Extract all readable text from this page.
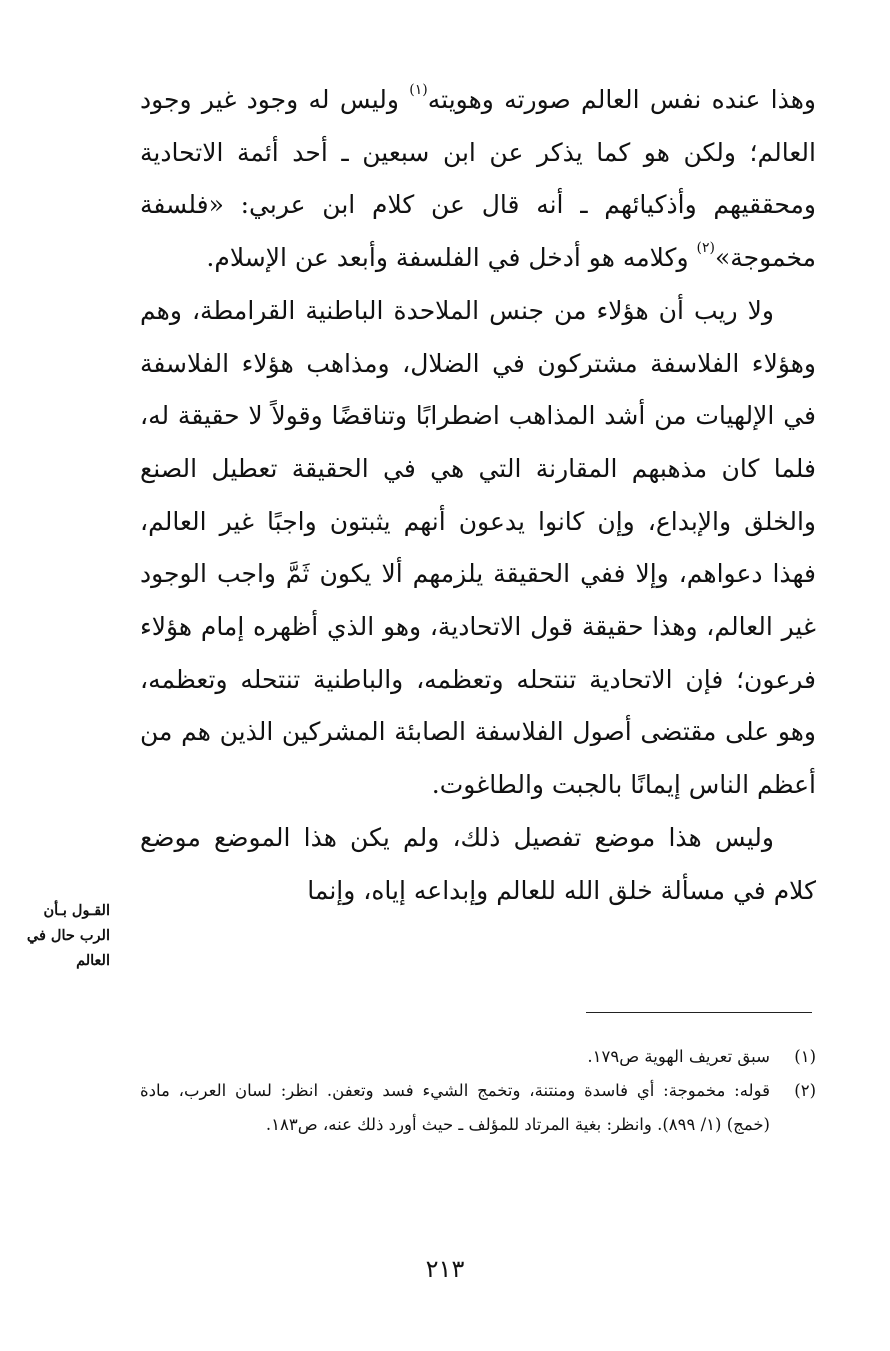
وهذا عنده نفس العالم صورته وهويته$^{(١)}$ وليس له وجود غير وجود العالم؛ ولكن هو كما يذكر عن ابن سبعين ـ أحد أئمة الاتحادية ومحققيهم وأذكيائهم ـ أنه قال عن كلام ابن عربي: «فلسفة مخموجة»$^{(٢)}$ وكلامه هو أدخل في الفلسفة وأبعد عن الإسلام.

ولا ريب أن هؤلاء من جنس الملاحدة الباطنية القرامطة، وهم وهؤلاء الفلاسفة مشتركون في الضلال، ومذاهب هؤلاء الفلاسفة في الإلهيات من أشد المذاهب اضطرابًا وتناقضًا وقولاً لا حقيقة له، فلما كان مذهبهم المقارنة التي هي في الحقيقة تعطيل الصنع والخلق والإبداع، وإن كانوا يدعون أنهم يثبتون واجبًا غير العالم، فهذا دعواهم، وإلا ففي الحقيقة يلزمهم ألا يكون ثَمَّ واجب الوجود غير العالم، وهذا حقيقة قول الاتحادية، وهو الذي أظهره إمام هؤلاء فرعون؛ فإن الاتحادية تنتحله وتعظمه، والباطنية تنتحله وتعظمه، وهو على مقتضى أصول الفلاسفة الصابئة المشركين الذين هم من أعظم الناس إيمانًا بالجبت والطاغوت.

وليس هذا موضع تفصيل ذلك، ولم يكن هذا الموضع موضع كلام في مسألة خلق الله للعالم وإبداعه إياه، وإنما

القـول بـأن
الرب حال في
العالم
(١)
سبق تعريف الهوية ص١٧٩.
(٢)
قوله: مخموجة: أي فاسدة ومنتنة، وتخمج الشيء فسد وتعفن. انظر: لسان العرب، مادة (خمج) (١/ ٨٩٩). وانظر: بغية المرتاد للمؤلف ـ حيث أورد ذلك عنه، ص١٨٣.
٢١٣
